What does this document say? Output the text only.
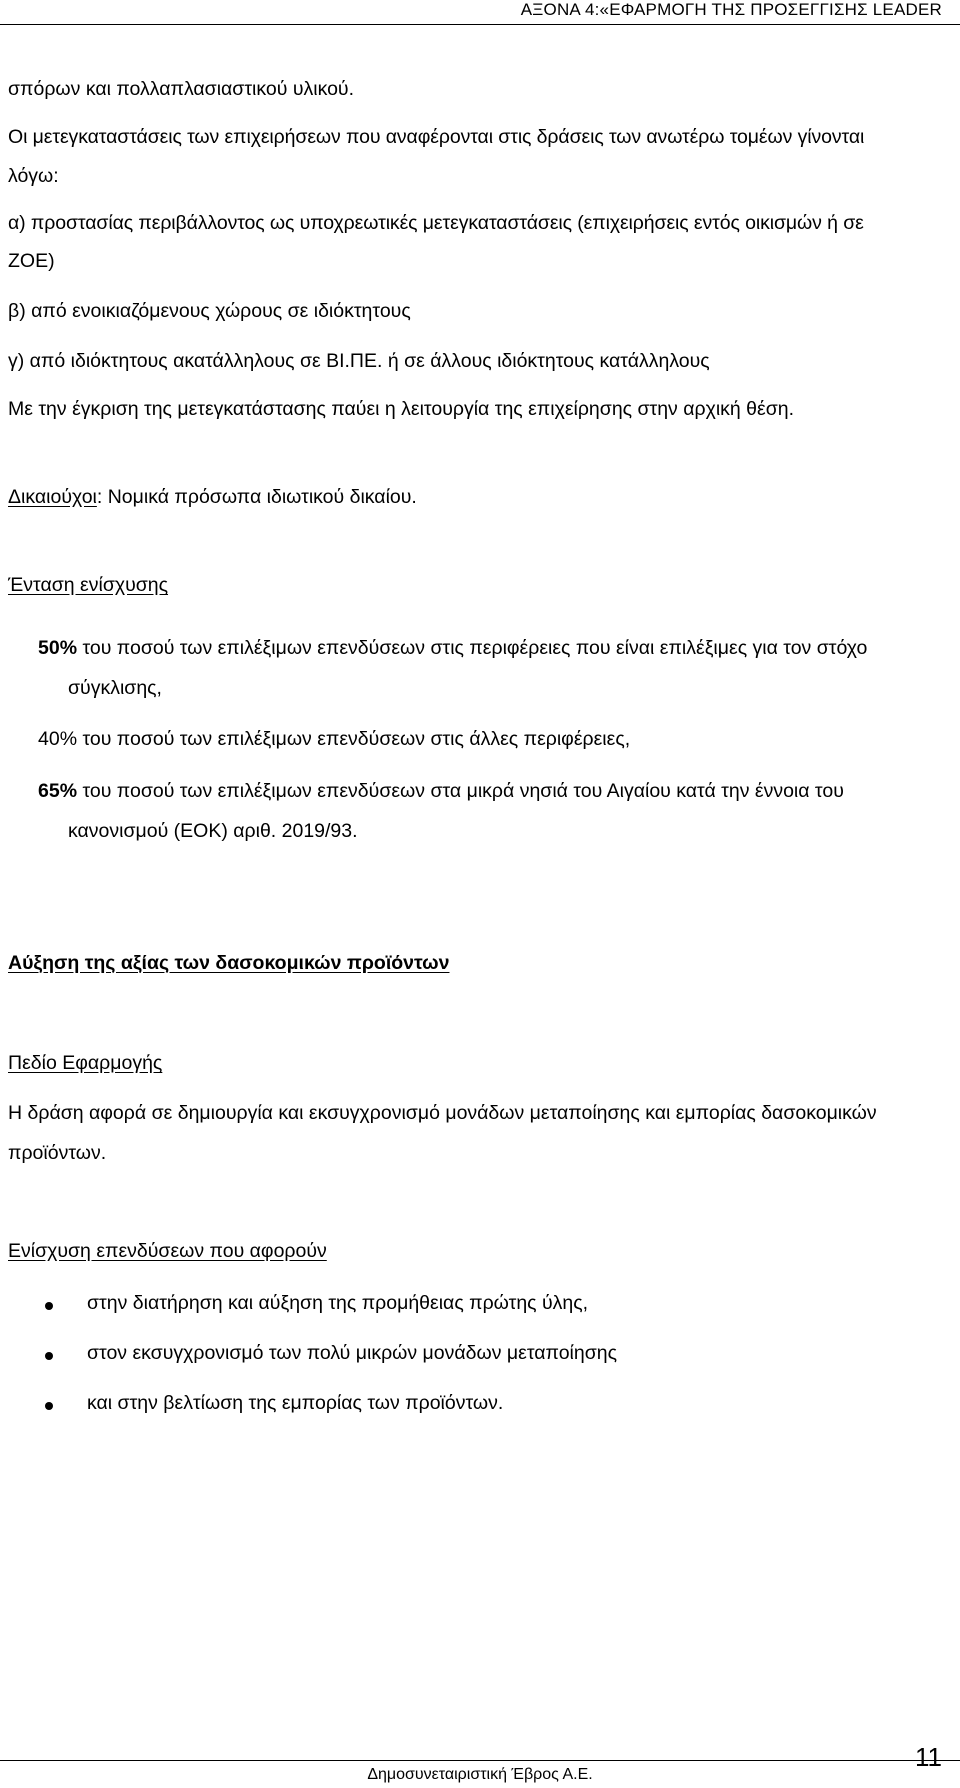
ΑΞΟΝΑ 4:«ΕΦΑΡΜΟΓΗ ΤΗΣ ΠΡΟΣΕΓΓΙΣΗΣ LEADER
σπόρων και πολλαπλασιαστικού υλικού.
Οι μετεγκαταστάσεις των επιχειρήσεων που αναφέρονται στις δράσεις των ανωτέρω τομέων γίνονται
λόγω:
α) προστασίας περιβάλλοντος ως υποχρεωτικές μετεγκαταστάσεις (επιχειρήσεις εντός οικισμών ή σε
ΖΟΕ)
β) από ενοικιαζόμενους χώρους σε ιδιόκτητους
γ) από ιδιόκτητους ακατάλληλους σε ΒΙ.ΠΕ. ή σε άλλους ιδιόκτητους κατάλληλους
Με την έγκριση της μετεγκατάστασης παύει η λειτουργία της επιχείρησης στην αρχική θέση.
Δικαιούχοι: Νομικά πρόσωπα ιδιωτικού δικαίου.
Ένταση ενίσχυσης
50% του ποσού των επιλέξιμων επενδύσεων στις περιφέρειες που είναι επιλέξιμες για τον στόχο
σύγκλισης,
40% του ποσού των επιλέξιμων επενδύσεων στις άλλες περιφέρειες,
65% του ποσού των επιλέξιμων επενδύσεων στα μικρά νησιά του Αιγαίου κατά την έννοια του
κανονισμού (ΕΟΚ) αριθ. 2019/93.
Αύξηση της αξίας των δασοκομικών προϊόντων
Πεδίο Εφαρμογής
Η δράση αφορά σε δημιουργία και εκσυγχρονισμό μονάδων μεταποίησης και εμπορίας δασοκομικών
προϊόντων.
Ενίσχυση επενδύσεων που αφορούν
στην διατήρηση και αύξηση της προμήθειας πρώτης ύλης,
στον εκσυγχρονισμό των πολύ μικρών μονάδων μεταποίησης
και στην βελτίωση της εμπορίας των προϊόντων.
Δημοσυνεταιριστική Έβρος Α.Ε.
11
